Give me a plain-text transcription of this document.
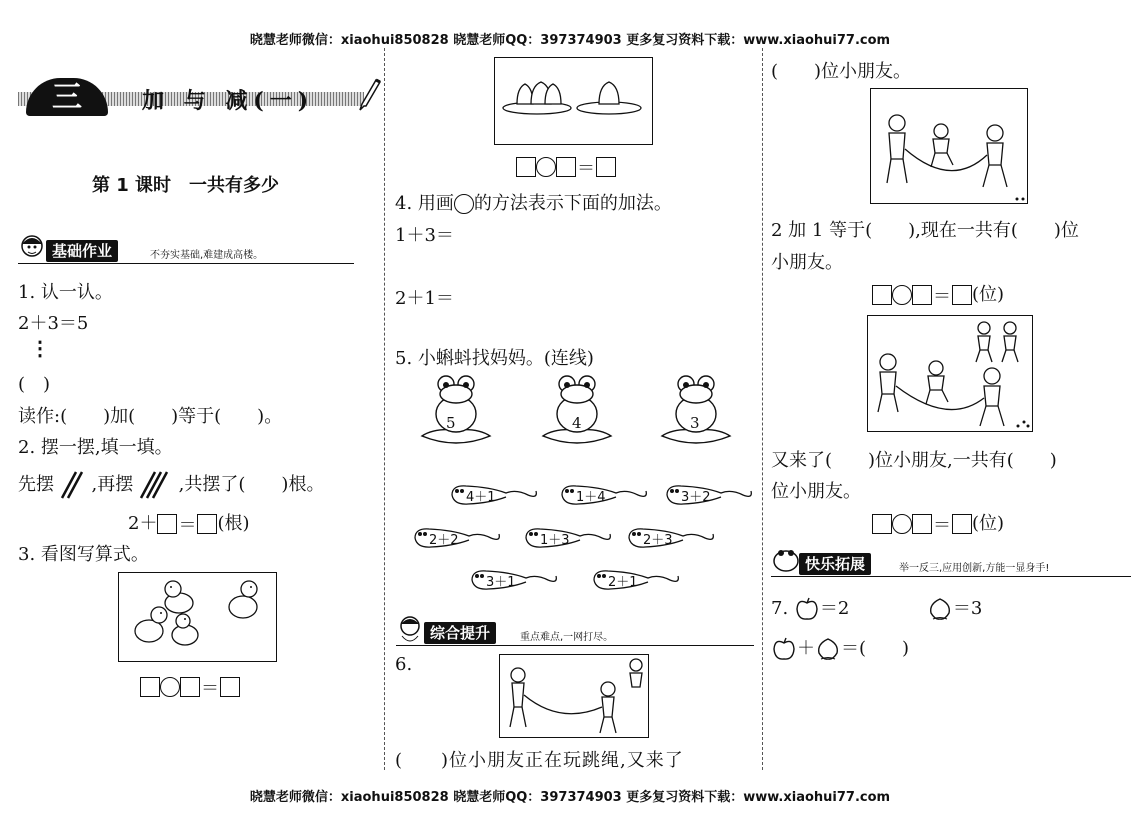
晓慧老师微信：xiaohui850828 晓慧老师QQ：397374903 更多复习资料下载：www.xiaohui77.com
晓慧老师微信：xiaohui850828 晓慧老师QQ：397374903 更多复习资料下载：www.xiaohui77.com
三	加 与 减(一)
第 1 课时　一共有多少
基础作业	不夯实基础,难建成高楼。
1. 认一认。
2＋3＝5
⋮
(　)
读作:(　　)加(　　)等于(　　)。
2. 摆一摆,填一填。
先摆 ,再摆	,共摆了(　　)根。
2＋ ＝ (根)
3. 看图写算式。
＝
＝
4. 用画 的方法表示下面的加法。
1＋3＝
2＋1＝
5. 小蝌蚪找妈妈。(连线)
5	4	3
4＋1	1＋4	3＋2
2＋2	1＋3	2＋3
3＋1	2＋1
综合提升	重点难点,一网打尽。
6.
(　　)位小朋友正在玩跳绳,又来了
(　　)位小朋友。
2 加 1 等于(　　),现在一共有(　　)位
小朋友。
＝ (位)
又来了(　　)位小朋友,一共有(　　)
位小朋友。
＝ (位)
快乐拓展	举一反三,应用创新,方能一显身手!
7. ＝2	＝3
＋ ＝(　　)
